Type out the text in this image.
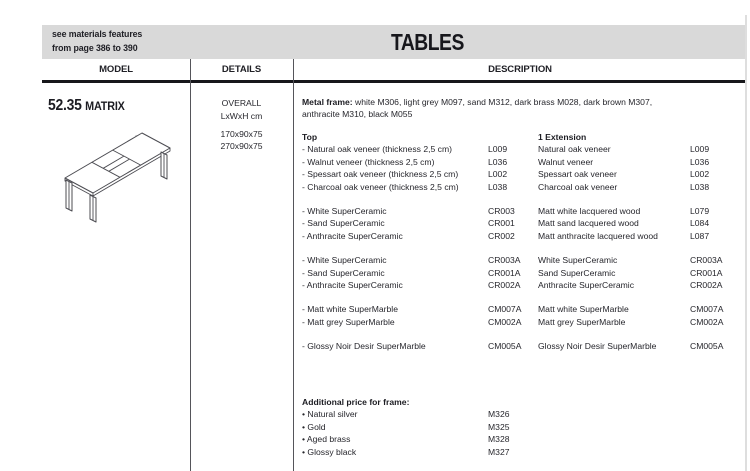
see materials features
from page 386 to 390	TABLES
MODEL	DETAILS	DESCRIPTION
52.35 MATRIX	OVERALL
LxWxH cm
170x90x75
270x90x75
Metal frame: white M306, light grey M097, sand M312, dark brass M028, dark brown M307, anthracite M310, black M055
Top	1 Extension
- Natural oak veneer (thickness 2,5 cm)	L009	Natural oak veneer	L009
- Walnut veneer (thickness 2,5 cm)	L036	Walnut veneer	L036
- Spessart oak veneer (thickness 2,5 cm)	L002	Spessart oak veneer	L002
- Charcoal oak veneer (thickness 2,5 cm)	L038	Charcoal oak veneer	L038
- White SuperCeramic	CR003	Matt white lacquered wood	L079
- Sand SuperCeramic	CR001	Matt sand lacquered wood	L084
- Anthracite SuperCeramic	CR002	Matt anthracite lacquered wood	L087
- White SuperCeramic	CR003A	White SuperCeramic	CR003A
- Sand SuperCeramic	CR001A	Sand SuperCeramic	CR001A
- Anthracite SuperCeramic	CR002A	Anthracite SuperCeramic	CR002A
- Matt white SuperMarble	CM007A	Matt white SuperMarble	CM007A
- Matt grey SuperMarble	CM002A	Matt grey SuperMarble	CM002A
- Glossy Noir Desir SuperMarble	CM005A	Glossy Noir Desir SuperMarble	CM005A
Additional price for frame:
• Natural silver	M326
• Gold	M325
• Aged brass	M328
• Glossy black	M327
